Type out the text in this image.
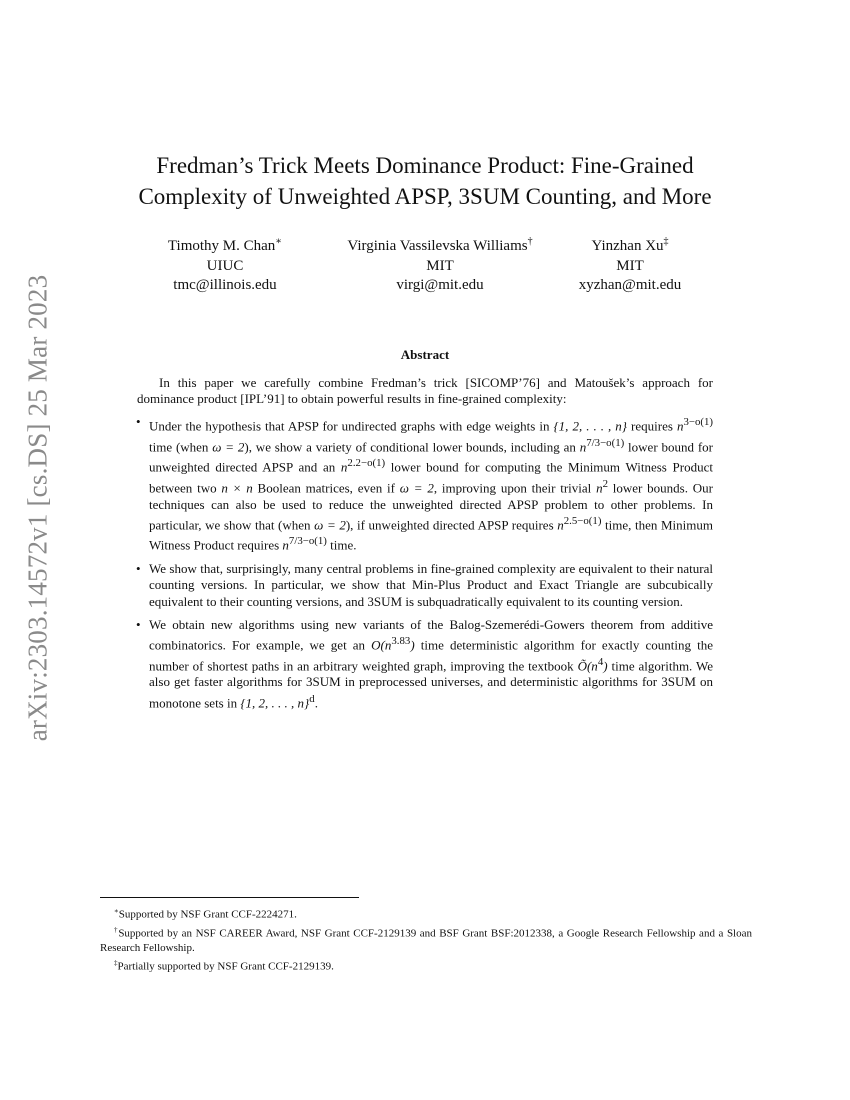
arXiv:2303.14572v1 [cs.DS] 25 Mar 2023
Fredman’s Trick Meets Dominance Product: Fine-Grained
Complexity of Unweighted APSP, 3SUM Counting, and More
Timothy M. Chan∗
UIUC
tmc@illinois.edu
Virginia Vassilevska Williams†
MIT
virgi@mit.edu
Yinzhan Xu‡
MIT
xyzhan@mit.edu
Abstract
In this paper we carefully combine Fredman’s trick [SICOMP’76] and Matoušek’s approach for dominance product [IPL’91] to obtain powerful results in fine-grained complexity:
• Under the hypothesis that APSP for undirected graphs with edge weights in {1, 2, . . . , n} requires $n^{3-o(1)}$ time (when ω = 2), we show a variety of conditional lower bounds, including an $n^{7/3-o(1)}$ lower bound for unweighted directed APSP and an $n^{2.2-o(1)}$ lower bound for computing the Minimum Witness Product between two n × n Boolean matrices, even if ω = 2, improving upon their trivial $n^2$ lower bounds. Our techniques can also be used to reduce the unweighted directed APSP problem to other problems. In particular, we show that (when ω = 2), if unweighted directed APSP requires $n^{2.5-o(1)}$ time, then Minimum Witness Product requires $n^{7/3-o(1)}$ time.
• We show that, surprisingly, many central problems in fine-grained complexity are equivalent to their natural counting versions. In particular, we show that Min-Plus Product and Exact Triangle are subcubically equivalent to their counting versions, and 3SUM is subquadratically equivalent to its counting version.
• We obtain new algorithms using new variants of the Balog-Szemerédi-Gowers theorem from additive combinatorics. For example, we get an $O(n^{3.83})$ time deterministic algorithm for exactly counting the number of shortest paths in an arbitrary weighted graph, improving the textbook $Õ(n^4)$ time algorithm. We also get faster algorithms for 3SUM in preprocessed universes, and deterministic algorithms for 3SUM on monotone sets in {1, 2, . . . , n}$^d$.
∗Supported by NSF Grant CCF-2224271.
†Supported by an NSF CAREER Award, NSF Grant CCF-2129139 and BSF Grant BSF:2012338, a Google Research Fellowship and a Sloan Research Fellowship.
‡Partially supported by NSF Grant CCF-2129139.
